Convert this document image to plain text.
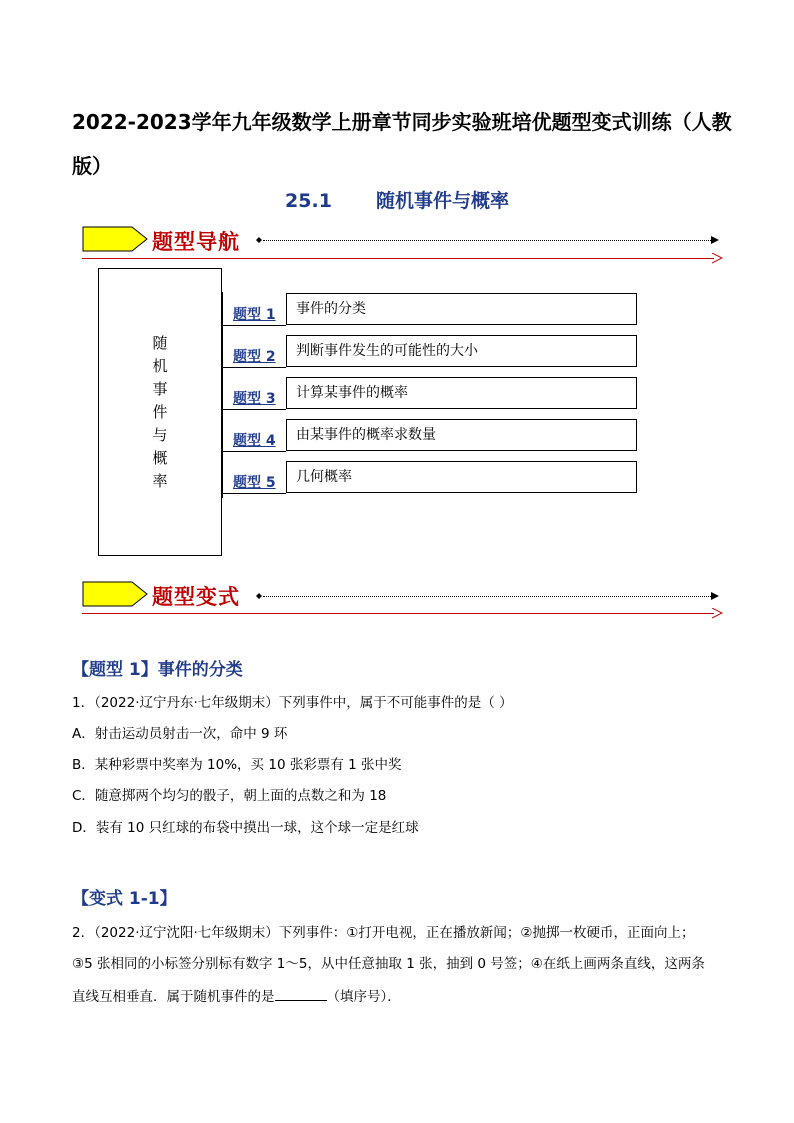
2022-2023学年九年级数学上册章节同步实验班培优题型变式训练（人教版）
25.1 随机事件与概率
题型导航
随
机
事
件
与
概
率
题型 1	事件的分类
题型 2	判断事件发生的可能性的大小
题型 3	计算某事件的概率
题型 4	由某事件的概率求数量
题型 5	几何概率
题型变式
【题型 1】事件的分类
1．（2022·辽宁丹东·七年级期末）下列事件中，属于不可能事件的是（ ）
A．射击运动员射击一次，命中 9 环
B．某种彩票中奖率为 10%，买 10 张彩票有 1 张中奖
C．随意掷两个均匀的骰子，朝上面的点数之和为 18
D．装有 10 只红球的布袋中摸出一球，这个球一定是红球
【变式 1-1】
2．（2022·辽宁沈阳·七年级期末）下列事件：①打开电视，正在播放新闻；②抛掷一枚硬币，正面向上；
③5 张相同的小标签分别标有数字 1～5，从中任意抽取 1 张，抽到 0 号签；④在纸上画两条直线，这两条
直线互相垂直．属于随机事件的是	（填序号）．
